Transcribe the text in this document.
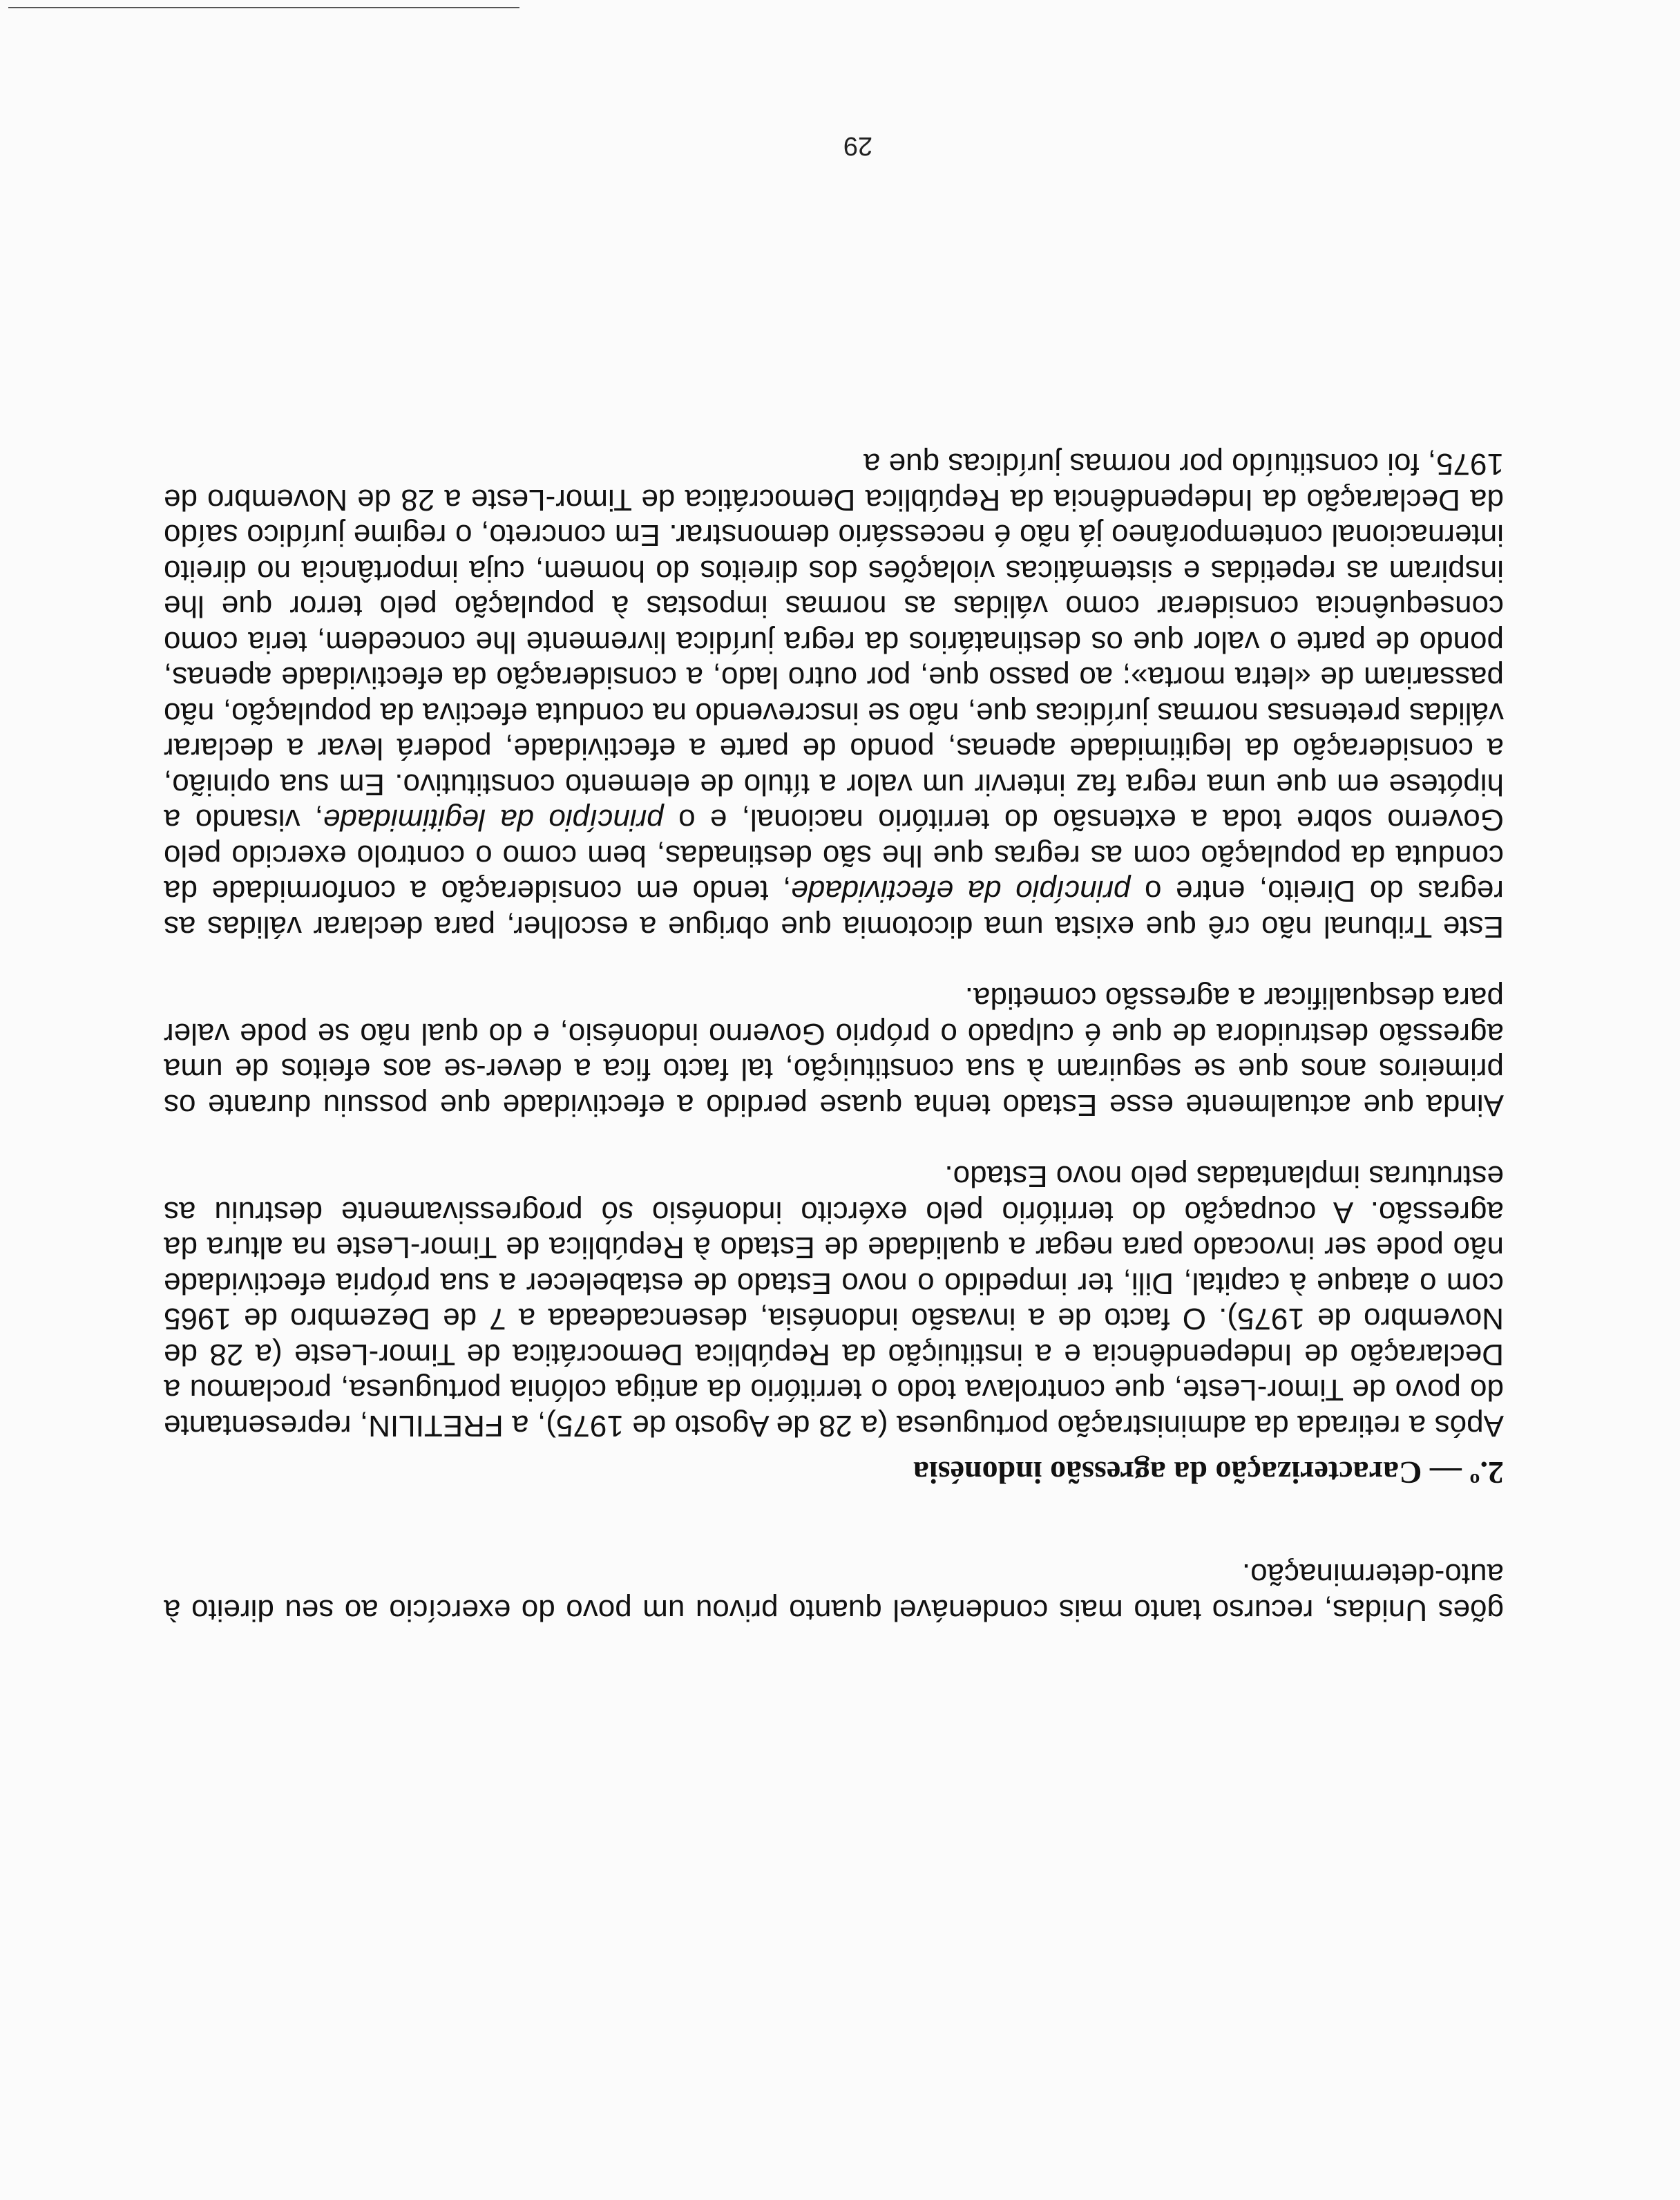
gões Unidas, recurso tanto mais condenável quanto privou um povo do exercício ao seu direito à auto-determinação.

2.º — Caracterização da agressão indonésia

Após a retirada da administração portuguesa (a 28 de Agosto de 1975), a FRETILIN, representante do povo de Timor-Leste, que controlava todo o território da antiga colónia portuguesa, proclamou a Declaração de Independência e a instituição da República Democrática de Timor-Leste (a 28 de Novembro de 1975). O facto de a invasão indonésia, desencadeada a 7 de Dezembro de 1965 com o ataque à capital, Dili, ter impedido o novo Estado de estabelecer a sua própria efectividade não pode ser invocado para negar a qualidade de Estado à República de Timor-Leste na altura da agressão. A ocupação do território pelo exército indonésio só progressivamente destruiu as estruturas implantadas pelo novo Estado.

Ainda que actualmente esse Estado tenha quase perdido a efectividade que possuiu durante os primeiros anos que se seguiram à sua constituição, tal facto fica a dever-se aos efeitos de uma agressão destruidora de que é culpado o próprio Governo indonésio, e do qual não se pode valer para desqualificar a agressão cometida.

Este Tribunal não crê que exista uma dicotomia que obrigue a escolher, para declarar válidas as regras do Direito, entre o princípio da efectividade, tendo em consideração a conformidade da conduta da população com as regras que lhe são destinadas, bem como o controlo exercido pelo Governo sobre toda a extensão do território nacional, e o princípio da legitimidade, visando a hipótese em que uma regra faz intervir um valor a título de elemento constitutivo. Em sua opinião, a consideração da legitimidade apenas, pondo de parte a efectividade, poderá levar a declarar válidas pretensas normas jurídicas que, não se inscrevendo na conduta efectiva da população, não passariam de «letra morta»; ao passo que, por outro lado, a consideração da efectividade apenas, pondo de parte o valor que os destinatários da regra jurídica livremente lhe concedem, teria como consequência considerar como válidas as normas impostas à população pelo terror que lhe inspiram as repetidas e sistemáticas violações dos direitos do homem, cuja importância no direito internacional contemporâneo já não é necessário demonstrar. Em concreto, o regime jurídico saído da Declaração da Independência da República Democrática de Timor-Leste a 28 de Novembro de 1975, foi constituído por normas jurídicas que a

29
